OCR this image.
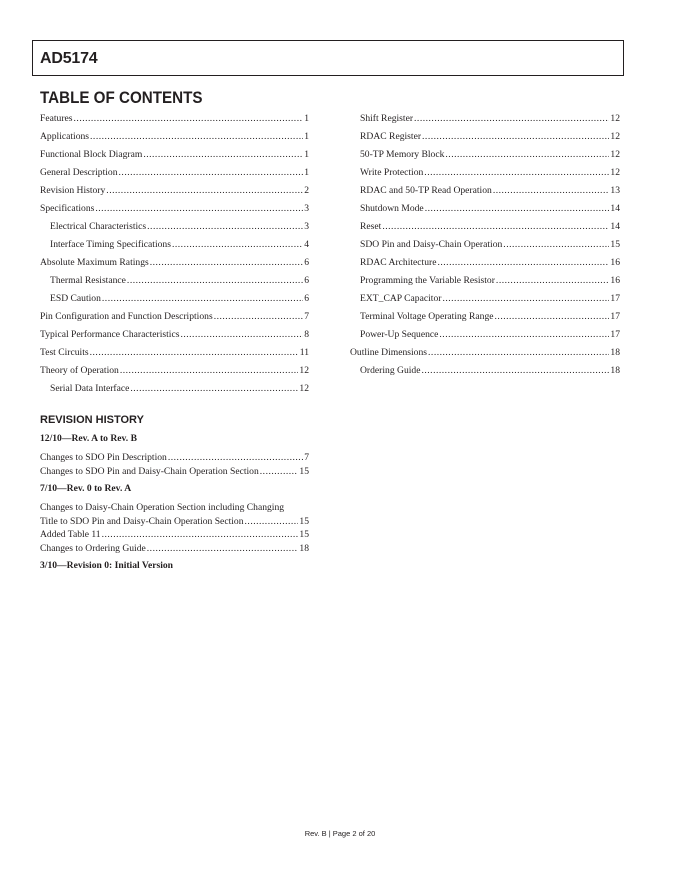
AD5174
TABLE OF CONTENTS
Features .....	1
Applications .....	1
Functional Block Diagram .....	1
General Description .....	1
Revision History .....	2
Specifications .....	3
Electrical Characteristics .....	3
Interface Timing Specifications .....	4
Absolute Maximum Ratings .....	6
Thermal Resistance .....	6
ESD Caution .....	6
Pin Configuration and Function Descriptions .....	7
Typical Performance Characteristics .....	8
Test Circuits .....	11
Theory of Operation .....	12
Serial Data Interface .....	12
Shift Register .....	12
RDAC Register .....	12
50-TP Memory Block .....	12
Write Protection .....	12
RDAC and 50-TP Read Operation .....	13
Shutdown Mode .....	14
Reset .....	14
SDO Pin and Daisy-Chain Operation .....	15
RDAC Architecture .....	16
Programming the Variable Resistor .....	16
EXT_CAP Capacitor .....	17
Terminal Voltage Operating Range .....	17
Power-Up Sequence .....	17
Outline Dimensions .....	18
Ordering Guide .....	18
REVISION HISTORY
12/10—Rev. A to Rev. B
Changes to SDO Pin Description .....	7
Changes to SDO Pin and Daisy-Chain Operation Section .....	15
7/10—Rev. 0 to Rev. A
Changes to Daisy-Chain Operation Section including Changing
Title to SDO Pin and Daisy-Chain Operation Section .....	15
Added Table 11 .....	15
Changes to Ordering Guide .....	18
3/10—Revision 0: Initial Version
Rev. B | Page 2 of 20
